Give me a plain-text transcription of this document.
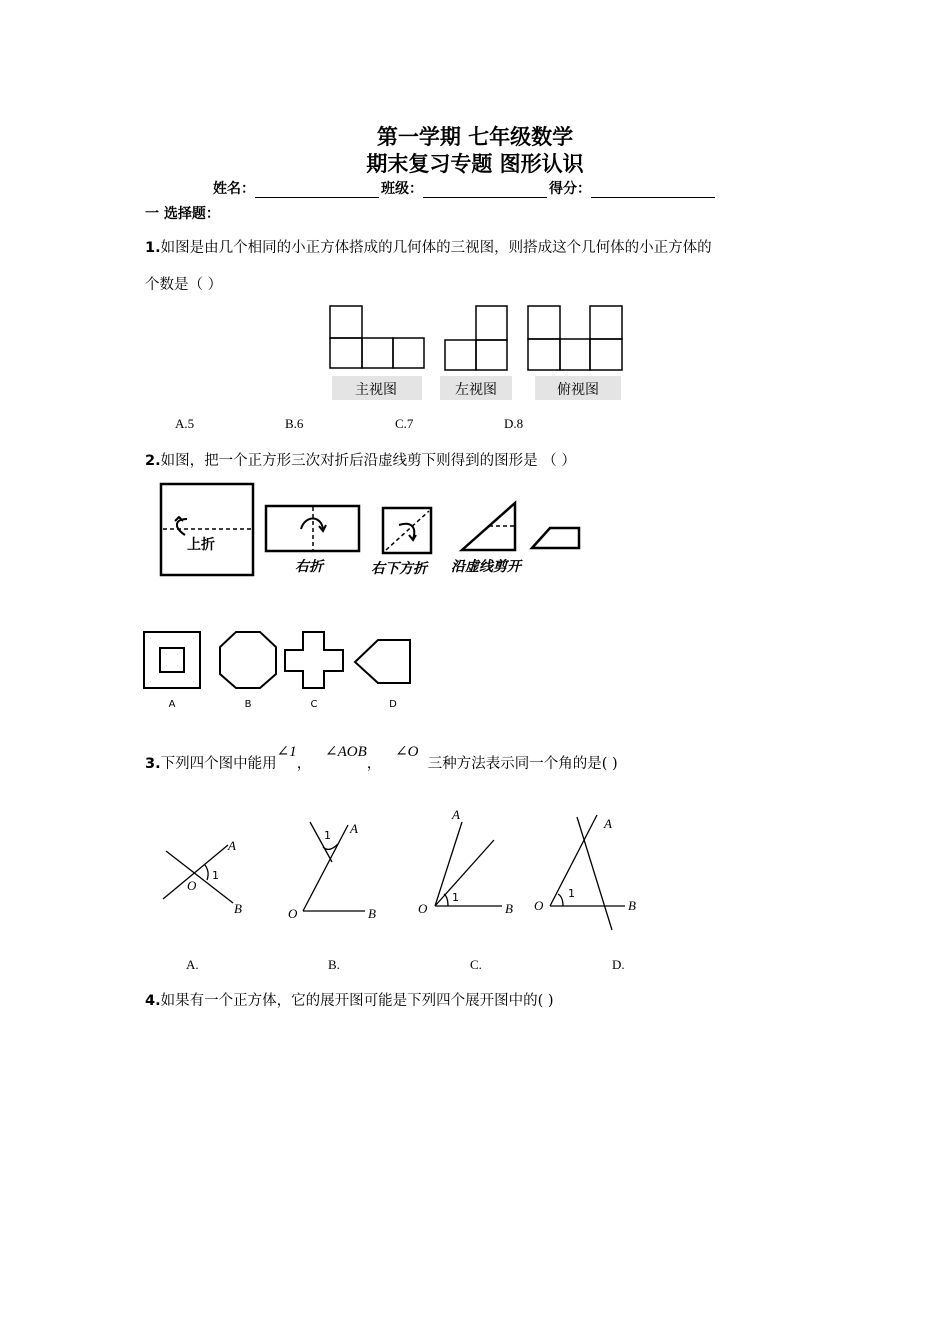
第一学期 七年级数学
期末复习专题 图形认识
姓名：	班级：	得分：
一 选择题：
1.如图是由几个相同的小正方体搭成的几何体的三视图，则搭成这个几何体的小正方体的
个数是（ ）
主视图	左视图	俯视图
A.5	B.6	C.7	D.8
2.如图，把一个正方形三次对折后沿虚线剪下则得到的图形是 （ ）
上折
右折	右下方折 沿虚线剪开
A	B	C	D
3.下列四个图中能用∠1，   ∠AOB，   ∠O  三种方法表示同一个角的是( )
A
B
O
1
A
B
O
1
A
B
O
1
A
B
O
1
A.	B.	C.	D.
4.如果有一个正方体，它的展开图可能是下列四个展开图中的( )
